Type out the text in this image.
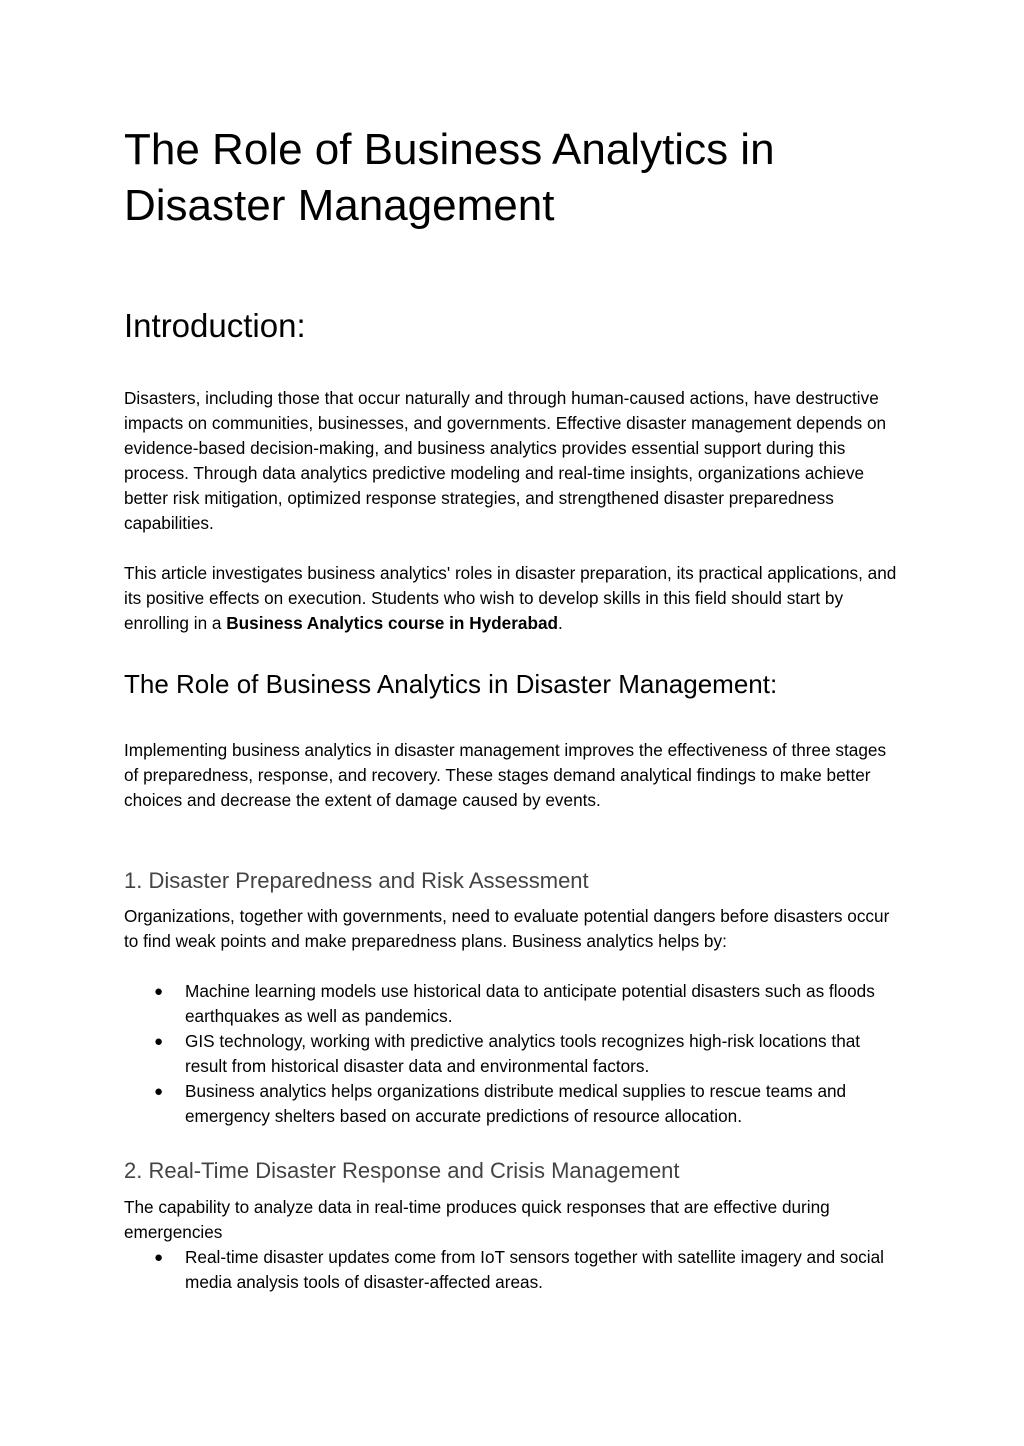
The Role of Business Analytics in Disaster Management
Introduction:

Disasters, including those that occur naturally and through human-caused actions, have destructive impacts on communities, businesses, and governments. Effective disaster management depends on evidence-based decision-making, and business analytics provides essential support during this process. Through data analytics predictive modeling and real-time insights, organizations achieve better risk mitigation, optimized response strategies, and strengthened disaster preparedness capabilities.

This article investigates business analytics' roles in disaster preparation, its practical applications, and its positive effects on execution. Students who wish to develop skills in this field should start by enrolling in a Business Analytics course in Hyderabad.

The Role of Business Analytics in Disaster Management:

Implementing business analytics in disaster management improves the effectiveness of three stages of preparedness, response, and recovery. These stages demand analytical findings to make better choices and decrease the extent of damage caused by events.

1. Disaster Preparedness and Risk Assessment

Organizations, together with governments, need to evaluate potential dangers before disasters occur to find weak points and make preparedness plans. Business analytics helps by:

● Machine learning models use historical data to anticipate potential disasters such as floods earthquakes as well as pandemics.
● GIS technology, working with predictive analytics tools recognizes high-risk locations that result from historical disaster data and environmental factors.
● Business analytics helps organizations distribute medical supplies to rescue teams and emergency shelters based on accurate predictions of resource allocation.
2. Real-Time Disaster Response and Crisis Management

The capability to analyze data in real-time produces quick responses that are effective during emergencies

● Real-time disaster updates come from IoT sensors together with satellite imagery and social media analysis tools of disaster-affected areas.
